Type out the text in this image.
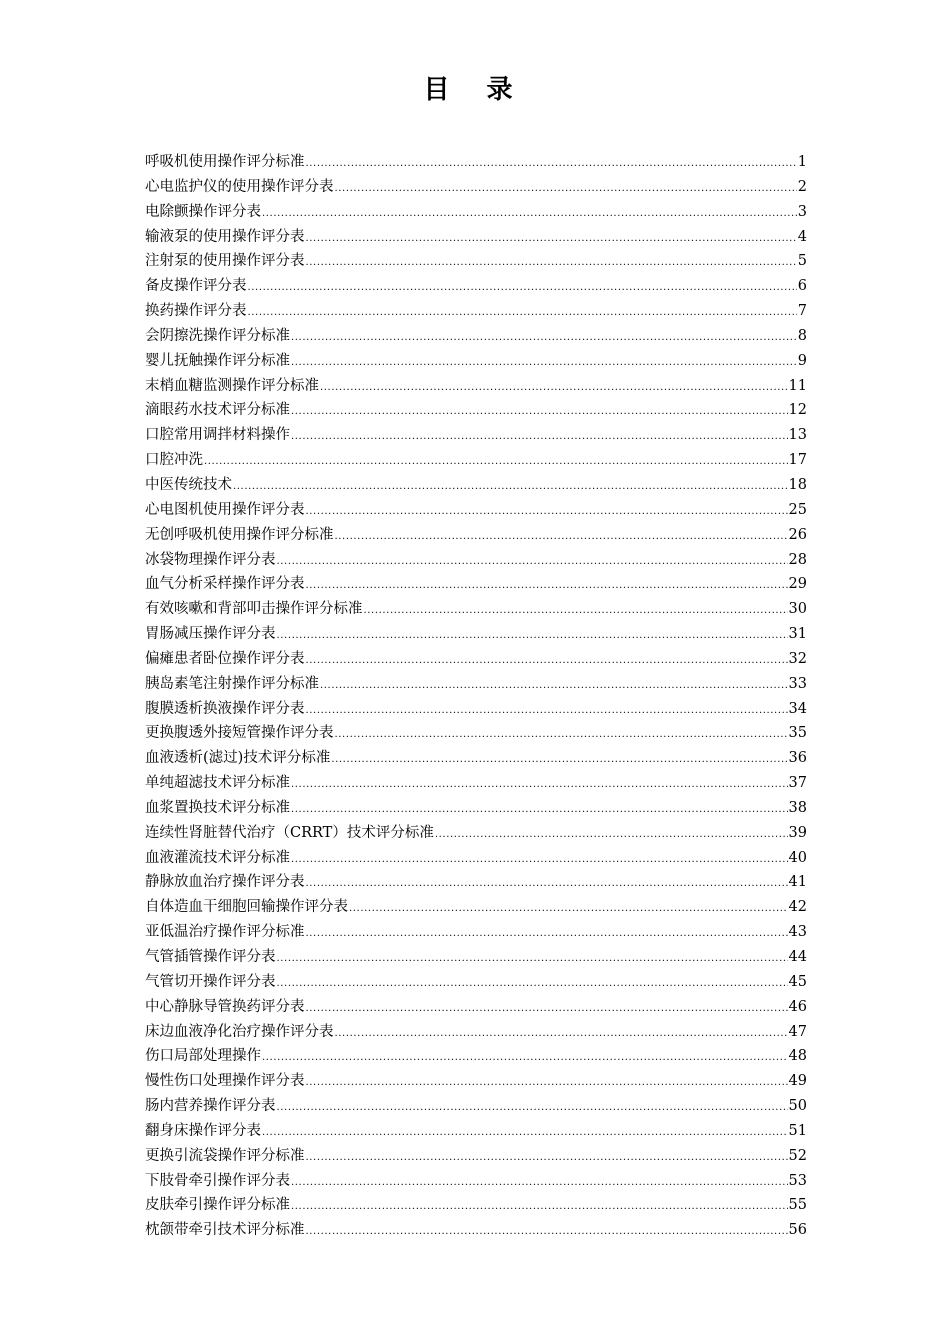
目 录
呼吸机使用操作评分标准 .....	1
心电监护仪的使用操作评分表 .....	2
电除颤操作评分表 .....	3
输液泵的使用操作评分表 .....	4
注射泵的使用操作评分表 .....	5
备皮操作评分表 .....	6
换药操作评分表 .....	7
会阴擦洗操作评分标准 .....	8
婴儿抚触操作评分标准 .....	9
末梢血糖监测操作评分标准 .....	11
滴眼药水技术评分标准 .....	12
口腔常用调拌材料操作 .....	13
口腔冲洗 .....	17
中医传统技术 .....	18
心电图机使用操作评分表 .....	25
无创呼吸机使用操作评分标准 .....	26
冰袋物理操作评分表 .....	28
血气分析采样操作评分表 .....	29
有效咳嗽和背部叩击操作评分标准 .....	30
胃肠减压操作评分表 .....	31
偏瘫患者卧位操作评分表 .....	32
胰岛素笔注射操作评分标准 .....	33
腹膜透析换液操作评分表 .....	34
更换腹透外接短管操作评分表 .....	35
血液透析(滤过)技术评分标准 .....	36
单纯超滤技术评分标准 .....	37
血浆置换技术评分标准 .....	38
连续性肾脏替代治疗（CRRT）技术评分标准 .....	39
血液灌流技术评分标准 .....	40
静脉放血治疗操作评分表 .....	41
自体造血干细胞回输操作评分表 .....	42
亚低温治疗操作评分标准 .....	43
气管插管操作评分表 .....	44
气管切开操作评分表 .....	45
中心静脉导管换药评分表 .....	46
床边血液净化治疗操作评分表 .....	47
伤口局部处理操作 .....	48
慢性伤口处理操作评分表 .....	49
肠内营养操作评分表 .....	50
翻身床操作评分表 .....	51
更换引流袋操作评分标准 .....	52
下肢骨牵引操作评分表 .....	53
皮肤牵引操作评分标准 .....	55
枕颌带牵引技术评分标准 .....	56
